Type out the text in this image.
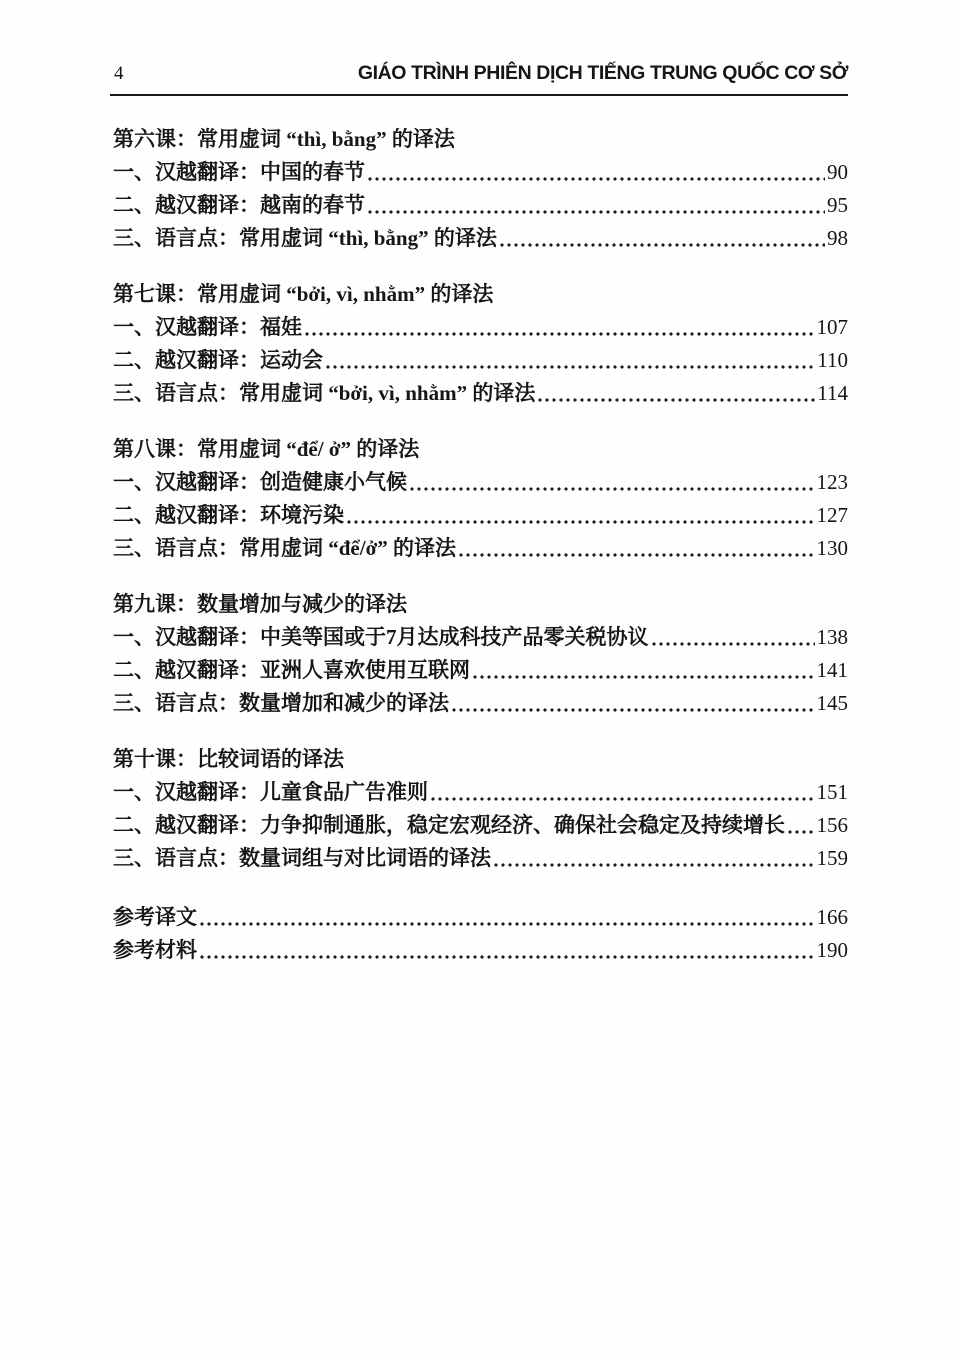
4	GIÁO TRÌNH PHIÊN DỊCH TIẾNG TRUNG QUỐC CƠ SỞ
第六课：常用虚词 “thì, bằng” 的译法
一、汉越翻译：中国的春节	90
二、越汉翻译：越南的春节	95
三、语言点：常用虚词 “thì, bằng” 的译法	98
第七课：常用虚词 “bởi, vì, nhằm” 的译法
一、汉越翻译：福娃	107
二、越汉翻译：运动会	110
三、语言点：常用虚词 “bởi, vì, nhằm” 的译法	114
第八课：常用虚词 “để/ ở” 的译法
一、汉越翻译：创造健康小气候	123
二、越汉翻译：环境污染	127
三、语言点：常用虚词 “để/ở” 的译法	130
第九课：数量增加与减少的译法
一、汉越翻译：中美等国或于7月达成科技产品零关税协议	138
二、越汉翻译：亚洲人喜欢使用互联网	141
三、语言点：数量增加和减少的译法	145
第十课：比较词语的译法
一、汉越翻译：儿童食品广告准则	151
二、越汉翻译：力争抑制通胀，稳定宏观经济、确保社会稳定及持续增长 156
三、语言点：数量词组与对比词语的译法	159
参考译文	166
参考材料	190
